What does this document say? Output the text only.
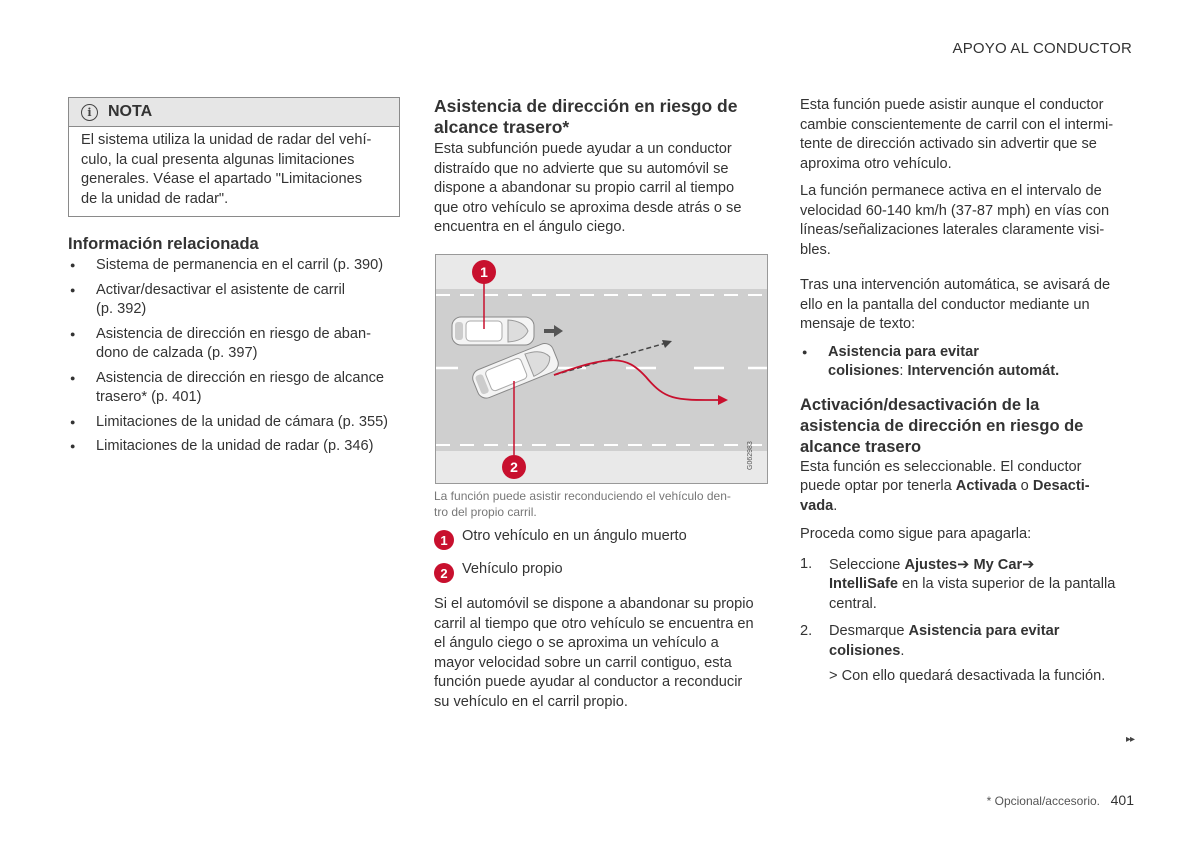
APOYO AL CONDUCTOR
i	NOTA

El sistema utiliza la unidad de radar del vehí-

culo, la cual presenta algunas limitaciones

generales. Véase el apartado "Limitaciones

de la unidad de radar".

Información relacionada

● Sistema de permanencia en el carril (p. 390)
● Activar/desactivar el asistente de carril
(p. 392)
● Asistencia de dirección en riesgo de aban-
dono de calzada (p. 397)
● Asistencia de dirección en riesgo de alcance
trasero* (p. 401)
● Limitaciones de la unidad de cámara (p. 355)
● Limitaciones de la unidad de radar (p. 346)

Asistencia de dirección en riesgo de
alcance trasero*

Esta subfunción puede ayudar a un conductor

distraído que no advierte que su automóvil se

dispone a abandonar su propio carril al tiempo

que otro vehículo se aproxima desde atrás o se

encuentra en el ángulo ciego.

1
2	G062983

La función puede asistir reconduciendo el vehículo den-
tro del propio carril.

1 Otro vehículo en un ángulo muerto
2 Vehículo propio

Si el automóvil se dispone a abandonar su propio

carril al tiempo que otro vehículo se encuentra en

el ángulo ciego o se aproxima un vehículo a

mayor velocidad sobre un carril contiguo, esta

función puede ayudar al conductor a reconducir

su vehículo en el carril propio.

Esta función puede asistir aunque el conductor

cambie conscientemente de carril con el intermi-

tente de dirección activado sin advertir que se

aproxima otro vehículo.

La función permanece activa en el intervalo de

velocidad 60-140 km/h (37-87 mph) en vías con

líneas/señalizaciones laterales claramente visi-

bles.

Tras una intervención automática, se avisará de

ello en la pantalla del conductor mediante un

mensaje de texto:

● Asistencia para evitar
colisiones: Intervención automát.

Activación/desactivación de la
asistencia de dirección en riesgo de
alcance trasero

Esta función es seleccionable. El conductor

puede optar por tenerla Activada o Desacti-

vada.

Proceda como sigue para apagarla:

1. Seleccione Ajustes➔ My Car➔
IntelliSafe en la vista superior de la pantalla
central.
2. Desmarque Asistencia para evitar
colisiones.

> Con ello quedará desactivada la función.

▸▸
* Opcional/accesorio. 401
